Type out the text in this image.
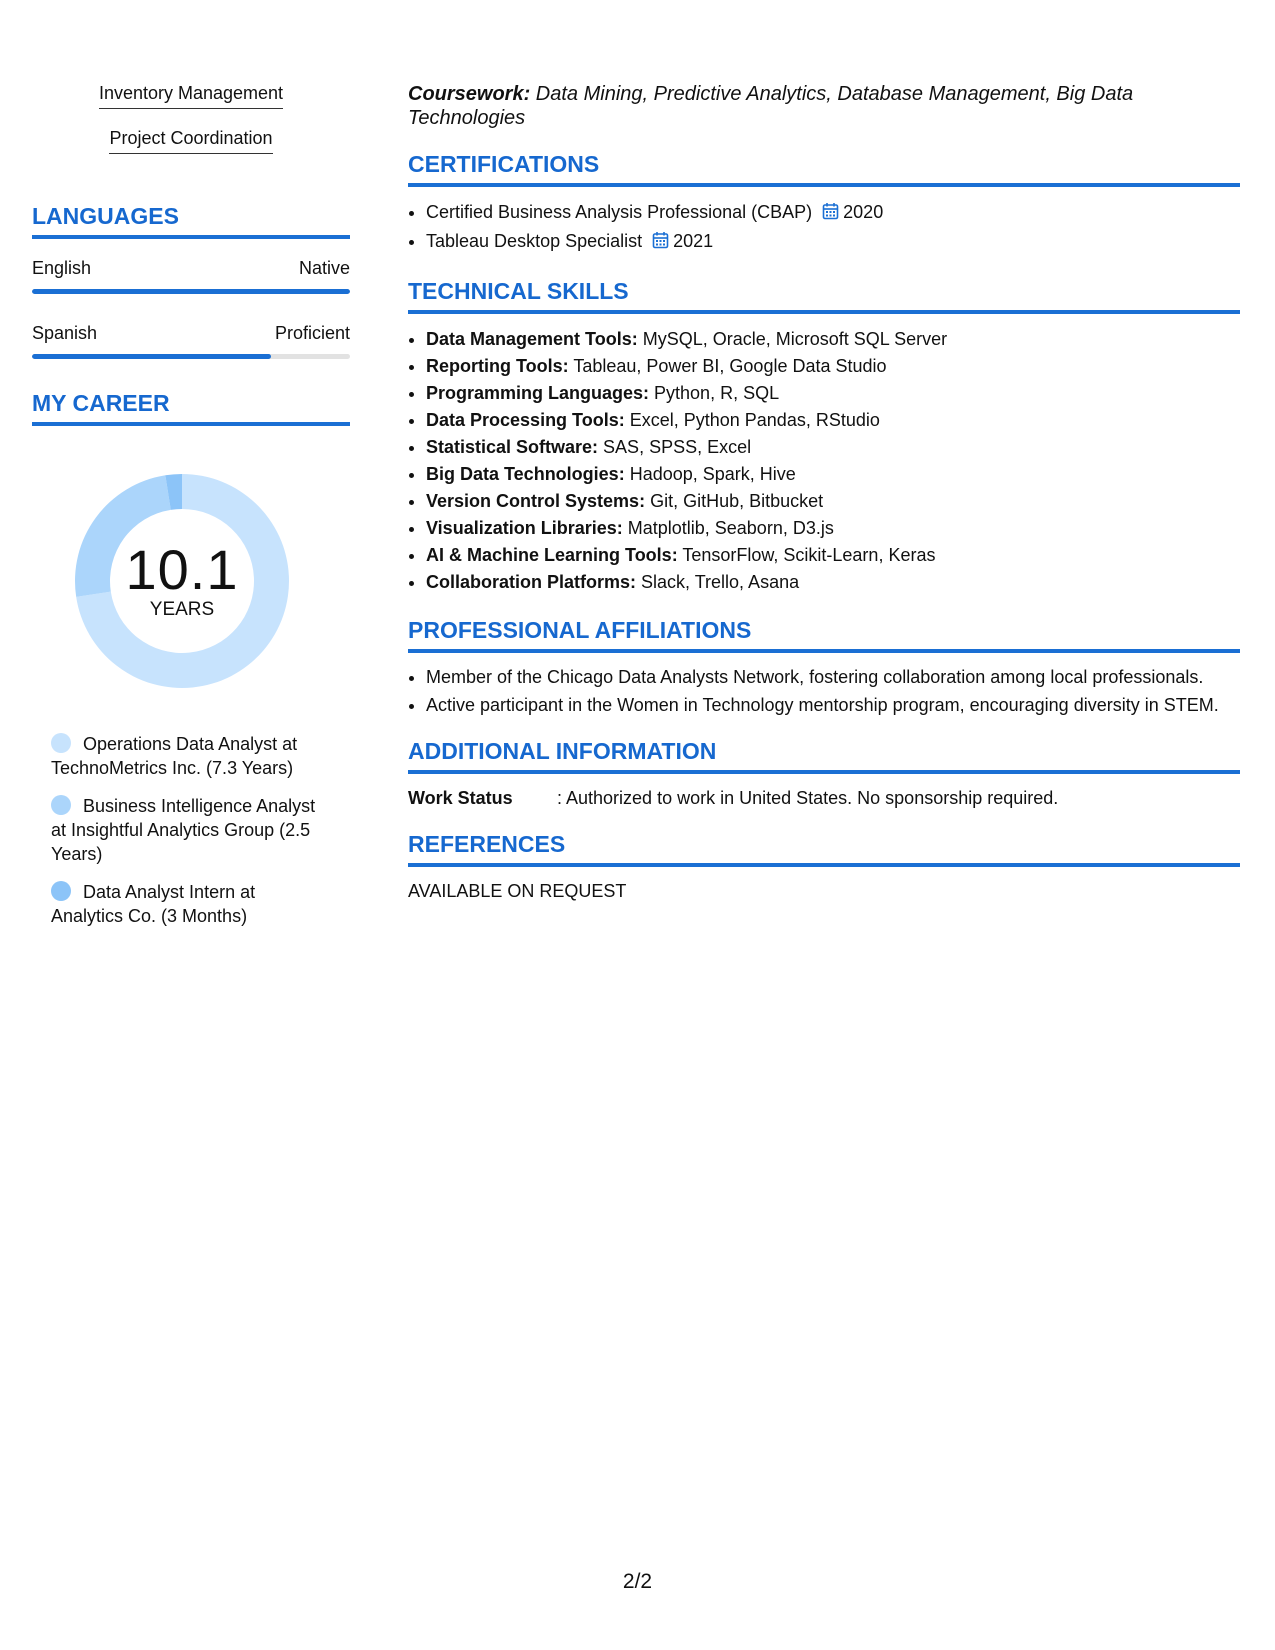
Inventory Management
Project Coordination
LANGUAGES
English	Native
Spanish	Proficient
MY CAREER
10.1
YEARS
Operations Data Analyst at TechnoMetrics Inc. (7.3 Years)
Business Intelligence Analyst at Insightful Analytics Group (2.5 Years)
Data Analyst Intern at Analytics Co. (3 Months)
Coursework: Data Mining, Predictive Analytics, Database Management, Big Data Technologies
CERTIFICATIONS
• Certified Business Analysis Professional (CBAP) 2020
• Tableau Desktop Specialist 2021
TECHNICAL SKILLS
• Data Management Tools: MySQL, Oracle, Microsoft SQL Server
• Reporting Tools: Tableau, Power BI, Google Data Studio
• Programming Languages: Python, R, SQL
• Data Processing Tools: Excel, Python Pandas, RStudio
• Statistical Software: SAS, SPSS, Excel
• Big Data Technologies: Hadoop, Spark, Hive
• Version Control Systems: Git, GitHub, Bitbucket
• Visualization Libraries: Matplotlib, Seaborn, D3.js
• AI & Machine Learning Tools: TensorFlow, Scikit-Learn, Keras
• Collaboration Platforms: Slack, Trello, Asana
PROFESSIONAL AFFILIATIONS
• Member of the Chicago Data Analysts Network, fostering collaboration among local professionals.
• Active participant in the Women in Technology mentorship program, encouraging diversity in STEM.
ADDITIONAL INFORMATION
Work Status	: Authorized to work in United States. No sponsorship required.
REFERENCES
AVAILABLE ON REQUEST
2/2
